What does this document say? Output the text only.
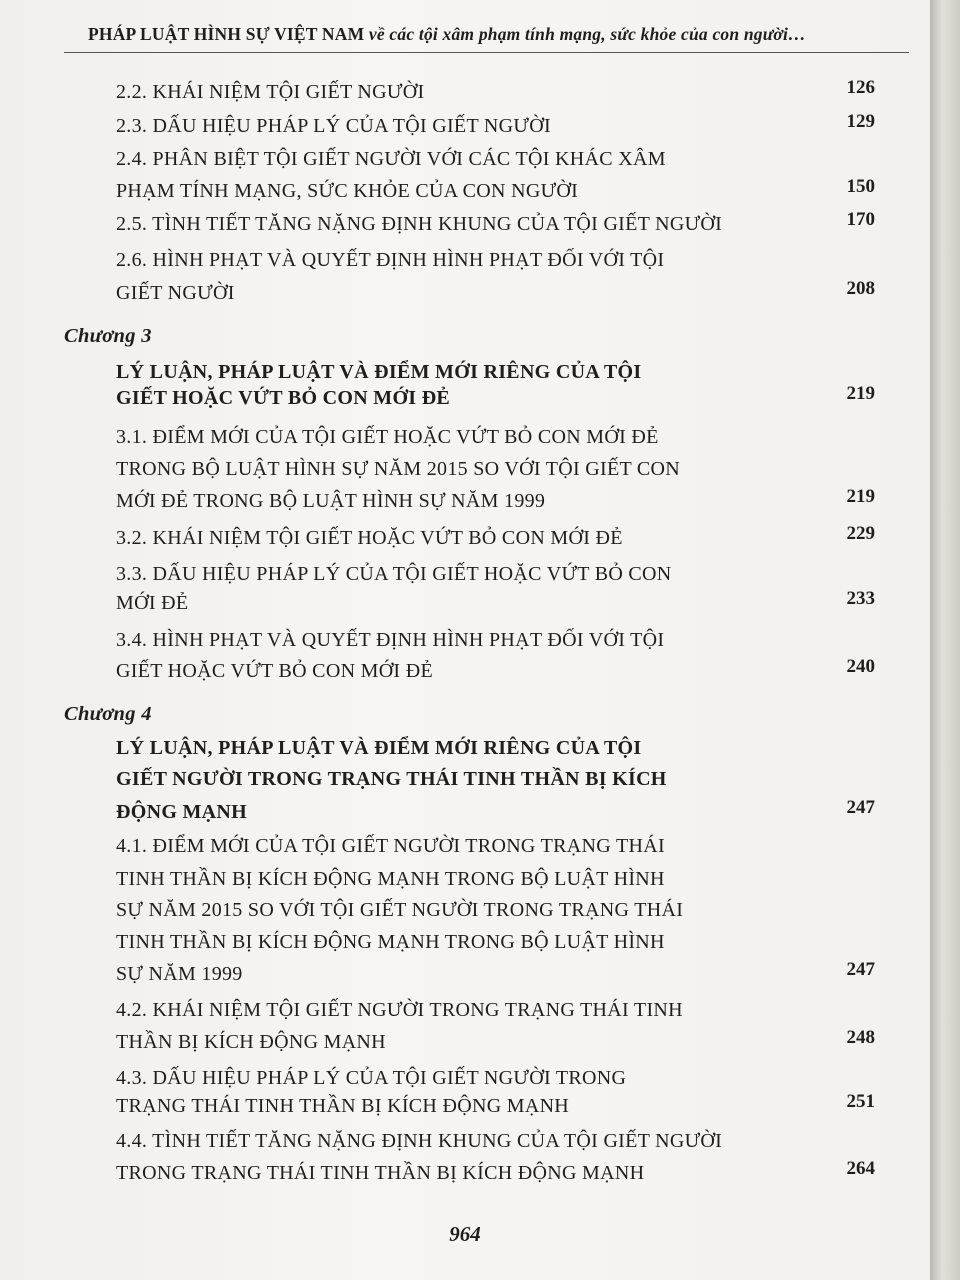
PHÁP LUẬT HÌNH SỰ VIỆT NAM về các tội xâm phạm tính mạng, sức khỏe của con người…
2.2. KHÁI NIỆM TỘI GIẾT NGƯỜI	126
2.3. DẤU HIỆU PHÁP LÝ CỦA TỘI GIẾT NGƯỜI	129
2.4. PHÂN BIỆT TỘI GIẾT NGƯỜI VỚI CÁC TỘI KHÁC XÂM
PHẠM TÍNH MẠNG, SỨC KHỎE CỦA CON NGƯỜI	150
2.5. TÌNH TIẾT TĂNG NẶNG ĐỊNH KHUNG CỦA TỘI GIẾT NGƯỜI	170
2.6. HÌNH PHẠT VÀ QUYẾT ĐỊNH HÌNH PHẠT ĐỐI VỚI TỘI
GIẾT NGƯỜI	208
Chương 3
LÝ LUẬN, PHÁP LUẬT VÀ ĐIỂM MỚI RIÊNG CỦA TỘI
GIẾT HOẶC VỨT BỎ CON MỚI ĐẺ	219
3.1. ĐIỂM MỚI CỦA TỘI GIẾT HOẶC VỨT BỎ CON MỚI ĐẺ
TRONG BỘ LUẬT HÌNH SỰ NĂM 2015 SO VỚI TỘI GIẾT CON
MỚI ĐẺ TRONG BỘ LUẬT HÌNH SỰ NĂM 1999	219
3.2. KHÁI NIỆM TỘI GIẾT HOẶC VỨT BỎ CON MỚI ĐẺ	229
3.3. DẤU HIỆU PHÁP LÝ CỦA TỘI GIẾT HOẶC VỨT BỎ CON
MỚI ĐẺ	233
3.4. HÌNH PHẠT VÀ QUYẾT ĐỊNH HÌNH PHẠT ĐỐI VỚI TỘI
GIẾT HOẶC VỨT BỎ CON MỚI ĐẺ	240
Chương 4
LÝ LUẬN, PHÁP LUẬT VÀ ĐIỂM MỚI RIÊNG CỦA TỘI
GIẾT NGƯỜI TRONG TRẠNG THÁI TINH THẦN BỊ KÍCH
ĐỘNG MẠNH	247
4.1. ĐIỂM MỚI CỦA TỘI GIẾT NGƯỜI TRONG TRẠNG THÁI
TINH THẦN BỊ KÍCH ĐỘNG MẠNH TRONG BỘ LUẬT HÌNH
SỰ NĂM 2015 SO VỚI TỘI GIẾT NGƯỜI TRONG TRẠNG THÁI
TINH THẦN BỊ KÍCH ĐỘNG MẠNH TRONG BỘ LUẬT HÌNH
SỰ NĂM 1999	247
4.2. KHÁI NIỆM TỘI GIẾT NGƯỜI TRONG TRẠNG THÁI TINH
THẦN BỊ KÍCH ĐỘNG MẠNH	248
4.3. DẤU HIỆU PHÁP LÝ CỦA TỘI GIẾT NGƯỜI TRONG
TRẠNG THÁI TINH THẦN BỊ KÍCH ĐỘNG MẠNH	251
4.4. TÌNH TIẾT TĂNG NẶNG ĐỊNH KHUNG CỦA TỘI GIẾT NGƯỜI
TRONG TRẠNG THÁI TINH THẦN BỊ KÍCH ĐỘNG MẠNH	264
964
